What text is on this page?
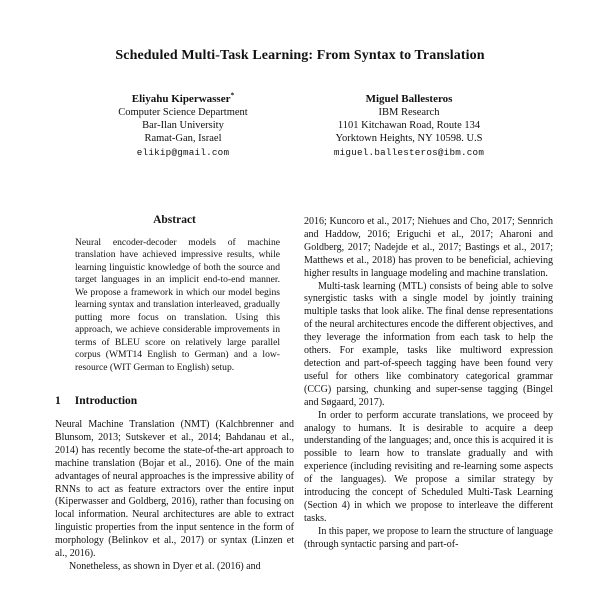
Scheduled Multi-Task Learning: From Syntax to Translation
Eliyahu Kiperwasser*
Computer Science Department
Bar-Ilan University
Ramat-Gan, Israel
elikip@gmail.com
Miguel Ballesteros
IBM Research
1101 Kitchawan Road, Route 134
Yorktown Heights, NY 10598. U.S
miguel.ballesteros@ibm.com
Abstract

Neural encoder-decoder models of machine translation have achieved impressive results, while learning linguistic knowledge of both the source and target languages in an implicit end-to-end manner. We propose a framework in which our model begins learning syntax and translation interleaved, gradually putting more focus on translation. Using this approach, we achieve considerable improvements in terms of BLEU score on relatively large parallel corpus (WMT14 English to German) and a low-resource (WIT German to English) setup.

1 Introduction

Neural Machine Translation (NMT) (Kalchbrenner and Blunsom, 2013; Sutskever et al., 2014; Bahdanau et al., 2014) has recently become the state-of-the-art approach to machine translation (Bojar et al., 2016). One of the main advantages of neural approaches is the impressive ability of RNNs to act as feature extractors over the entire input (Kiperwasser and Goldberg, 2016), rather than focusing on local information. Neural architectures are able to extract linguistic properties from the input sentence in the form of morphology (Belinkov et al., 2017) or syntax (Linzen et al., 2016).

Nonetheless, as shown in Dyer et al. (2016) and

2016; Kuncoro et al., 2017; Niehues and Cho, 2017; Sennrich and Haddow, 2016; Eriguchi et al., 2017; Aharoni and Goldberg, 2017; Nadejde et al., 2017; Bastings et al., 2017; Matthews et al., 2018) has proven to be beneficial, achieving higher results in language modeling and machine translation.

Multi-task learning (MTL) consists of being able to solve synergistic tasks with a single model by jointly training multiple tasks that look alike. The final dense representations of the neural architectures encode the different objectives, and they leverage the information from each task to help the others. For example, tasks like multiword expression detection and part-of-speech tagging have been found very useful for others like combinatory categorical grammar (CCG) parsing, chunking and super-sense tagging (Bingel and Søgaard, 2017).

In order to perform accurate translations, we proceed by analogy to humans. It is desirable to acquire a deep understanding of the languages; and, once this is acquired it is possible to learn how to translate gradually and with experience (including revisiting and re-learning some aspects of the languages). We propose a similar strategy by introducing the concept of Scheduled Multi-Task Learning (Section 4) in which we propose to interleave the different tasks.

In this paper, we propose to learn the structure of language (through syntactic parsing and part-of-
